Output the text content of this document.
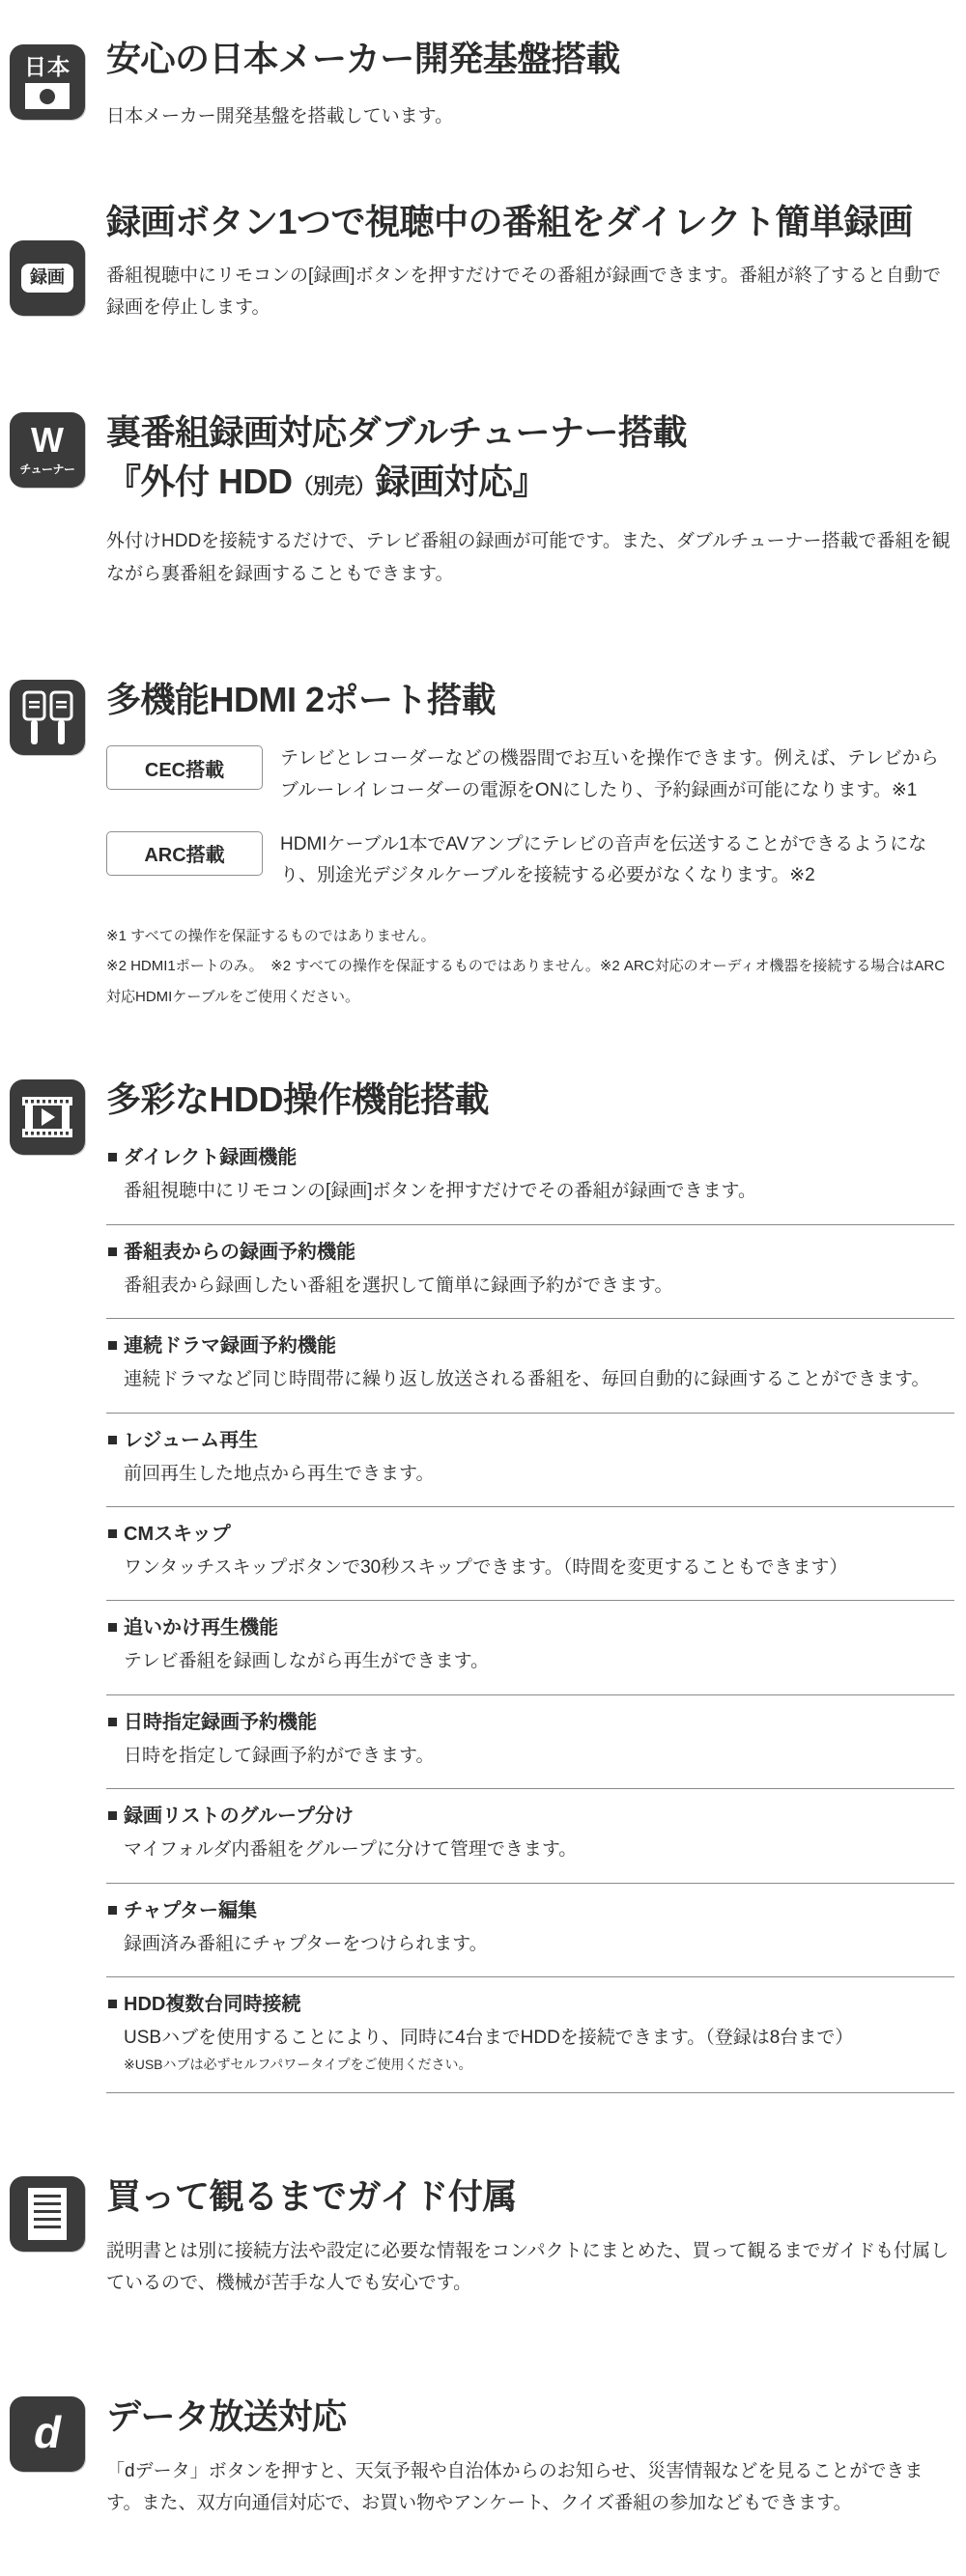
日本 安心の日本メーカー開発基盤搭載

日本メーカー開発基盤を搭載しています。

録画
録画ボタン1つで視聴中の番組をダイレクト簡単録画

番組視聴中にリモコンの[録画]ボタンを押すだけでその番組が録画できます。番組が終了すると自動で録画を停止します。

W
チューナー
裏番組録画対応ダブルチューナー搭載
『外付 HDD（別売）録画対応』

外付けHDDを接続するだけで、テレビ番組の録画が可能です。また、ダブルチューナー搭載で番組を観ながら裏番組を録画することもできます。

多機能HDMI 2ポート搭載
CEC搭載
テレビとレコーダーなどの機器間でお互いを操作できます。例えば、テレビからブルーレイレコーダーの電源をONにしたり、予約録画が可能になります。※1
ARC搭載
HDMIケーブル1本でAVアンプにテレビの音声を伝送することができるようになり、別途光デジタルケーブルを接続する必要がなくなります。※2
※1 すべての操作を保証するものではありません。
※2 HDMI1ポートのみ。　※2 すべての操作を保証するものではありません。※2 ARC対応のオーディオ機器を接続する場合はARC対応HDMIケーブルをご使用ください。
多彩なHDD操作機能搭載
ダイレクト録画機能
番組視聴中にリモコンの[録画]ボタンを押すだけでその番組が録画できます。
番組表からの録画予約機能
番組表から録画したい番組を選択して簡単に録画予約ができます。
連続ドラマ録画予約機能
連続ドラマなど同じ時間帯に繰り返し放送される番組を、毎回自動的に録画することができます。
レジューム再生
前回再生した地点から再生できます。
CMスキップ
ワンタッチスキップボタンで30秒スキップできます。（時間を変更することもできます）
追いかけ再生機能
テレビ番組を録画しながら再生ができます。
日時指定録画予約機能
日時を指定して録画予約ができます。
録画リストのグループ分け
マイフォルダ内番組をグループに分けて管理できます。
チャプター編集
録画済み番組にチャプターをつけられます。
HDD複数台同時接続
USBハブを使用することにより、同時に4台までHDDを接続できます。（登録は8台まで）
※USBハブは必ずセルフパワータイプをご使用ください。
買って観るまでガイド付属

説明書とは別に接続方法や設定に必要な情報をコンパクトにまとめた、買って観るまでガイドも付属しているので、機械が苦手な人でも安心です。

d データ放送対応

「dデータ」ボタンを押すと、天気予報や自治体からのお知らせ、災害情報などを見ることができます。また、双方向通信対応で、お買い物やアンケート、クイズ番組の参加などもできます。
